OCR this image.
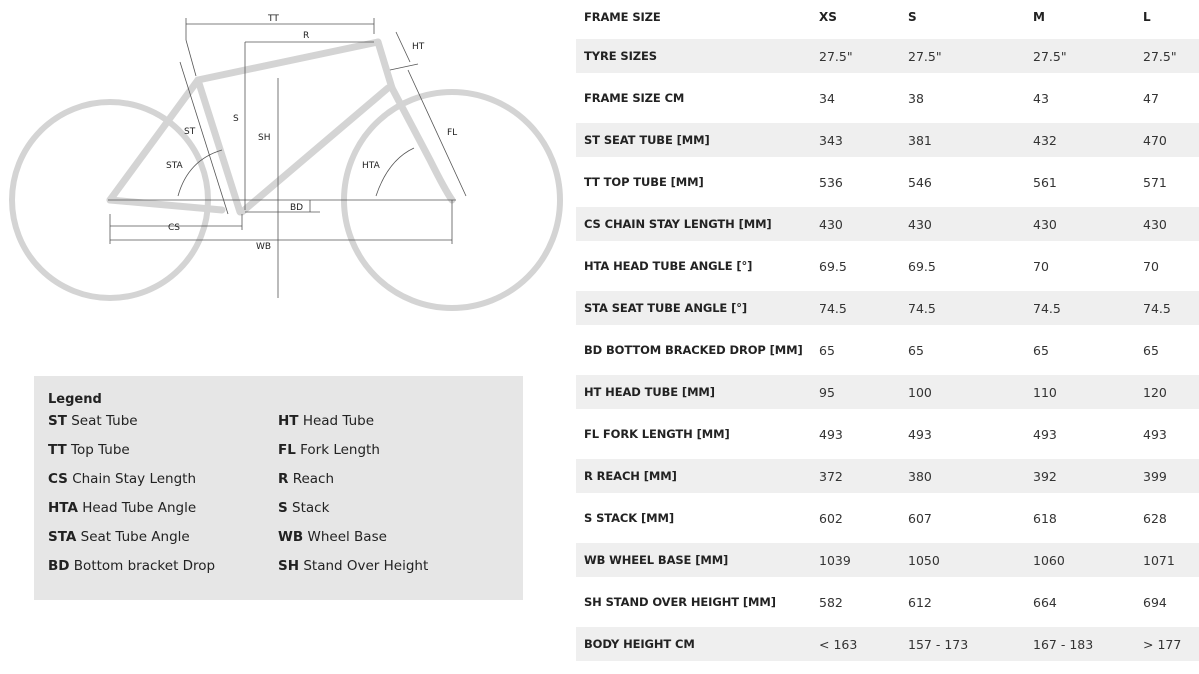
TT
R
HT
S
SH
ST
STA
FL
HTA
BD
CS
WB
Legend
ST Seat Tube	HT Head Tube
TT Top Tube	FL Fork Length
CS Chain Stay Length	R Reach
HTA Head Tube Angle	S Stack
STA Seat Tube Angle	WB Wheel Base
BD Bottom bracket Drop	SH Stand Over Height
FRAME SIZE	XS	S	M	L
TYRE SIZES	27.5"	27.5"	27.5"	27.5"
FRAME SIZE CM	34	38	43	47
ST SEAT TUBE [MM]	343	381	432	470
TT TOP TUBE [MM]	536	546	561	571
CS CHAIN STAY LENGTH [MM]	430	430	430	430
HTA HEAD TUBE ANGLE [°]	69.5	69.5	70	70
STA SEAT TUBE ANGLE [°]	74.5	74.5	74.5	74.5
BD BOTTOM BRACKED DROP [MM] 65	65	65	65
HT HEAD TUBE [MM]	95	100	110	120
FL FORK LENGTH [MM]	493	493	493	493
R REACH [MM]	372	380	392	399
S STACK [MM]	602	607	618	628
WB WHEEL BASE [MM]	1039	1050	1060	1071
SH STAND OVER HEIGHT [MM]	582	612	664	694
BODY HEIGHT CM	< 163	157 - 173	167 - 183	> 177
